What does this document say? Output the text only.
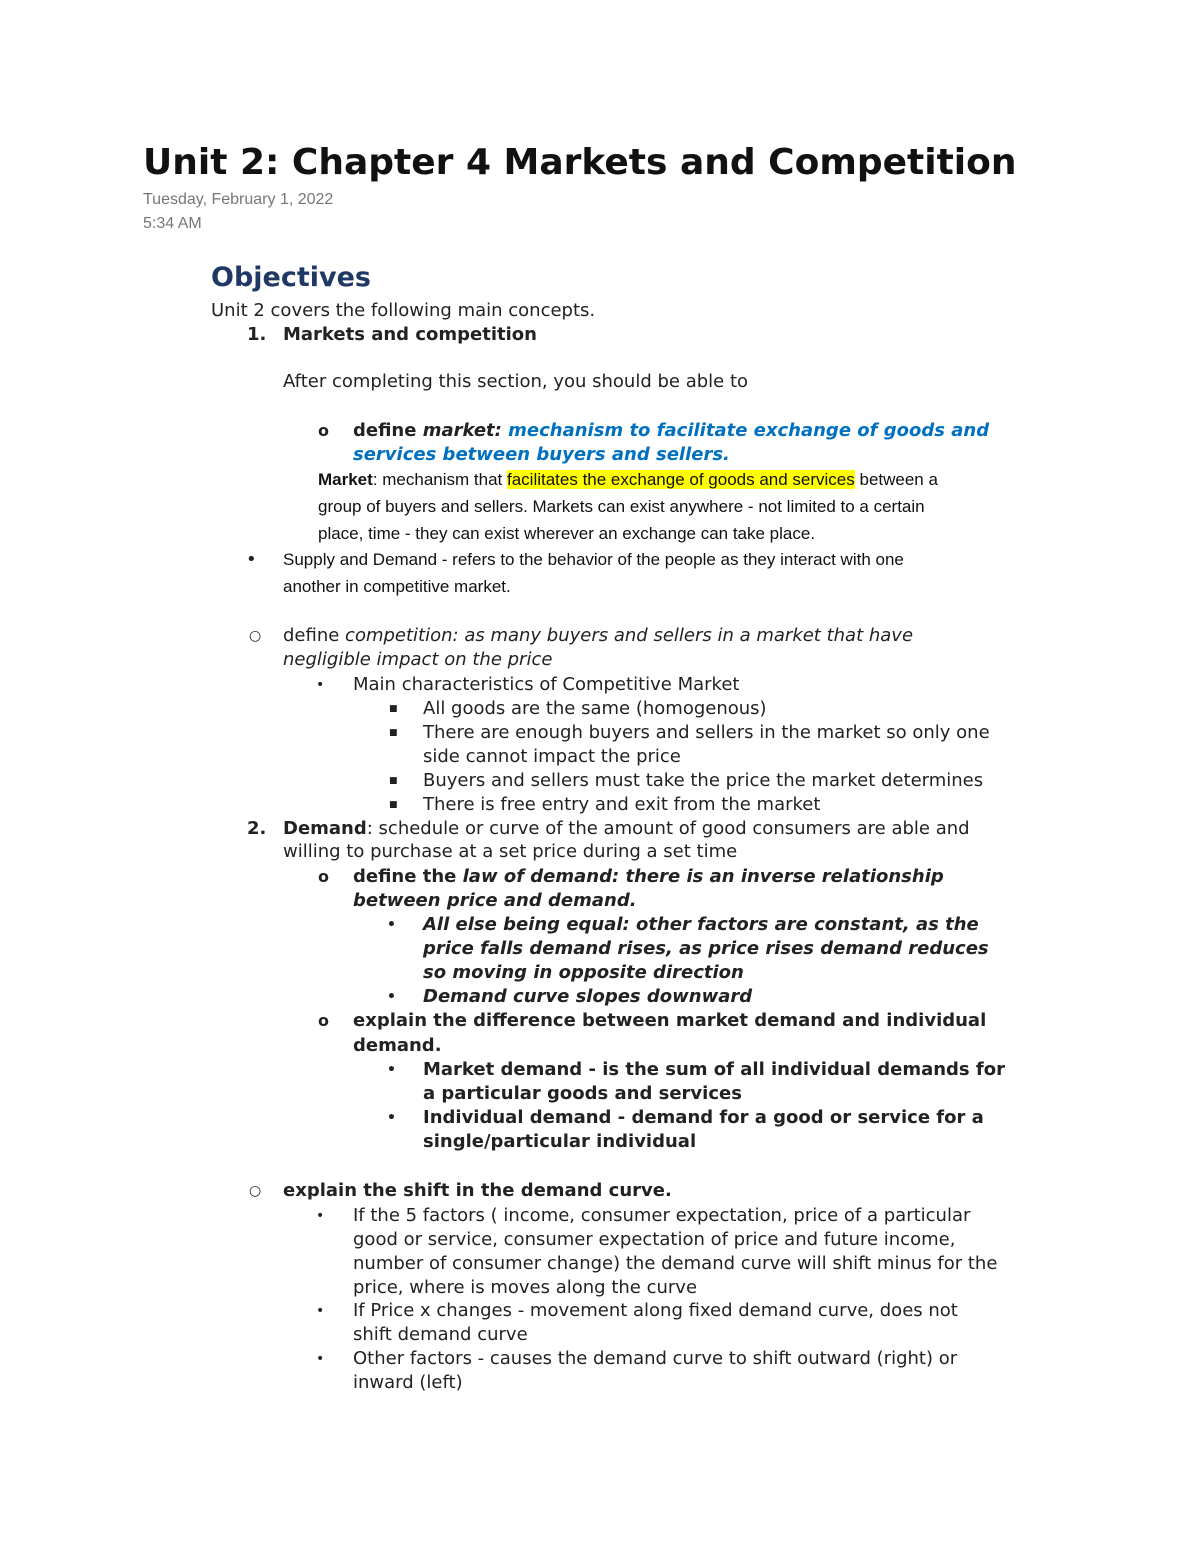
Unit 2: Chapter 4 Markets and Competition
Tuesday, February 1, 2022
5:34 AM
Objectives
Unit 2 covers the following main concepts.
1. Markets and competition
After completing this section, you should be able to
o define market: mechanism to facilitate exchange of goods and
services between buyers and sellers.
Market: mechanism that facilitates the exchange of goods and services between a
group of buyers and sellers. Markets can exist anywhere - not limited to a certain
place, time - they can exist wherever an exchange can take place.
• Supply and Demand - refers to the behavior of the people as they interact with one
another in competitive market.
○ define competition: as many buyers and sellers in a market that have
negligible impact on the price
• Main characteristics of Competitive Market
■ All goods are the same (homogenous)
■ There are enough buyers and sellers in the market so only one
side cannot impact the price
■ Buyers and sellers must take the price the market determines
■ There is free entry and exit from the market
2. Demand: schedule or curve of the amount of good consumers are able and
willing to purchase at a set price during a set time
o define the law of demand: there is an inverse relationship
between price and demand.
• All else being equal: other factors are constant, as the
price falls demand rises, as price rises demand reduces
so moving in opposite direction
• Demand curve slopes downward
o explain the difference between market demand and individual
demand.
• Market demand - is the sum of all individual demands for
a particular goods and services
• Individual demand - demand for a good or service for a
single/particular individual
○ explain the shift in the demand curve.
• If the 5 factors ( income, consumer expectation, price of a particular
good or service, consumer expectation of price and future income,
number of consumer change) the demand curve will shift minus for the
price, where is moves along the curve
• If Price x changes - movement along fixed demand curve, does not
shift demand curve
• Other factors - causes the demand curve to shift outward (right) or
inward (left)
